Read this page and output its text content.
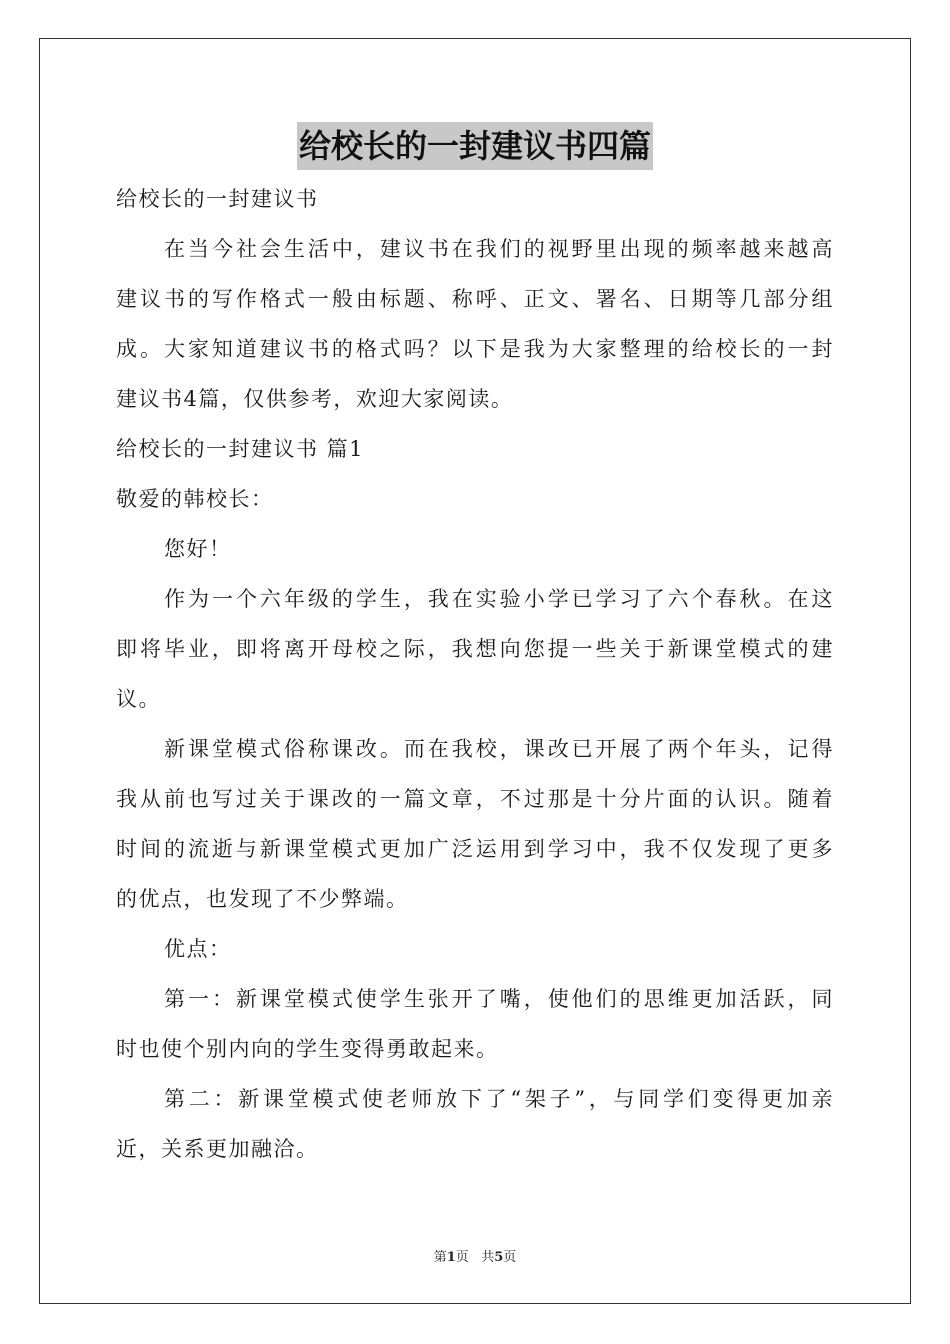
给校长的一封建议书四篇
给校长的一封建议书
在当今社会生活中，建议书在我们的视野里出现的频率越来越高
建议书的写作格式一般由标题、称呼、正文、署名、日期等几部分组
成。大家知道建议书的格式吗？以下是我为大家整理的给校长的一封
建议书4篇，仅供参考，欢迎大家阅读。
给校长的一封建议书 篇1
敬爱的韩校长：
您好！
作为一个六年级的学生，我在实验小学已学习了六个春秋。在这
即将毕业，即将离开母校之际，我想向您提一些关于新课堂模式的建
议。
新课堂模式俗称课改。而在我校，课改已开展了两个年头，记得
我从前也写过关于课改的一篇文章，不过那是十分片面的认识。随着
时间的流逝与新课堂模式更加广泛运用到学习中，我不仅发现了更多
的优点，也发现了不少弊端。
优点：
第一：新课堂模式使学生张开了嘴，使他们的思维更加活跃，同
时也使个别内向的学生变得勇敢起来。
第二：新课堂模式使老师放下了“架子”，与同学们变得更加亲
近，关系更加融洽。
第1页 共5页
